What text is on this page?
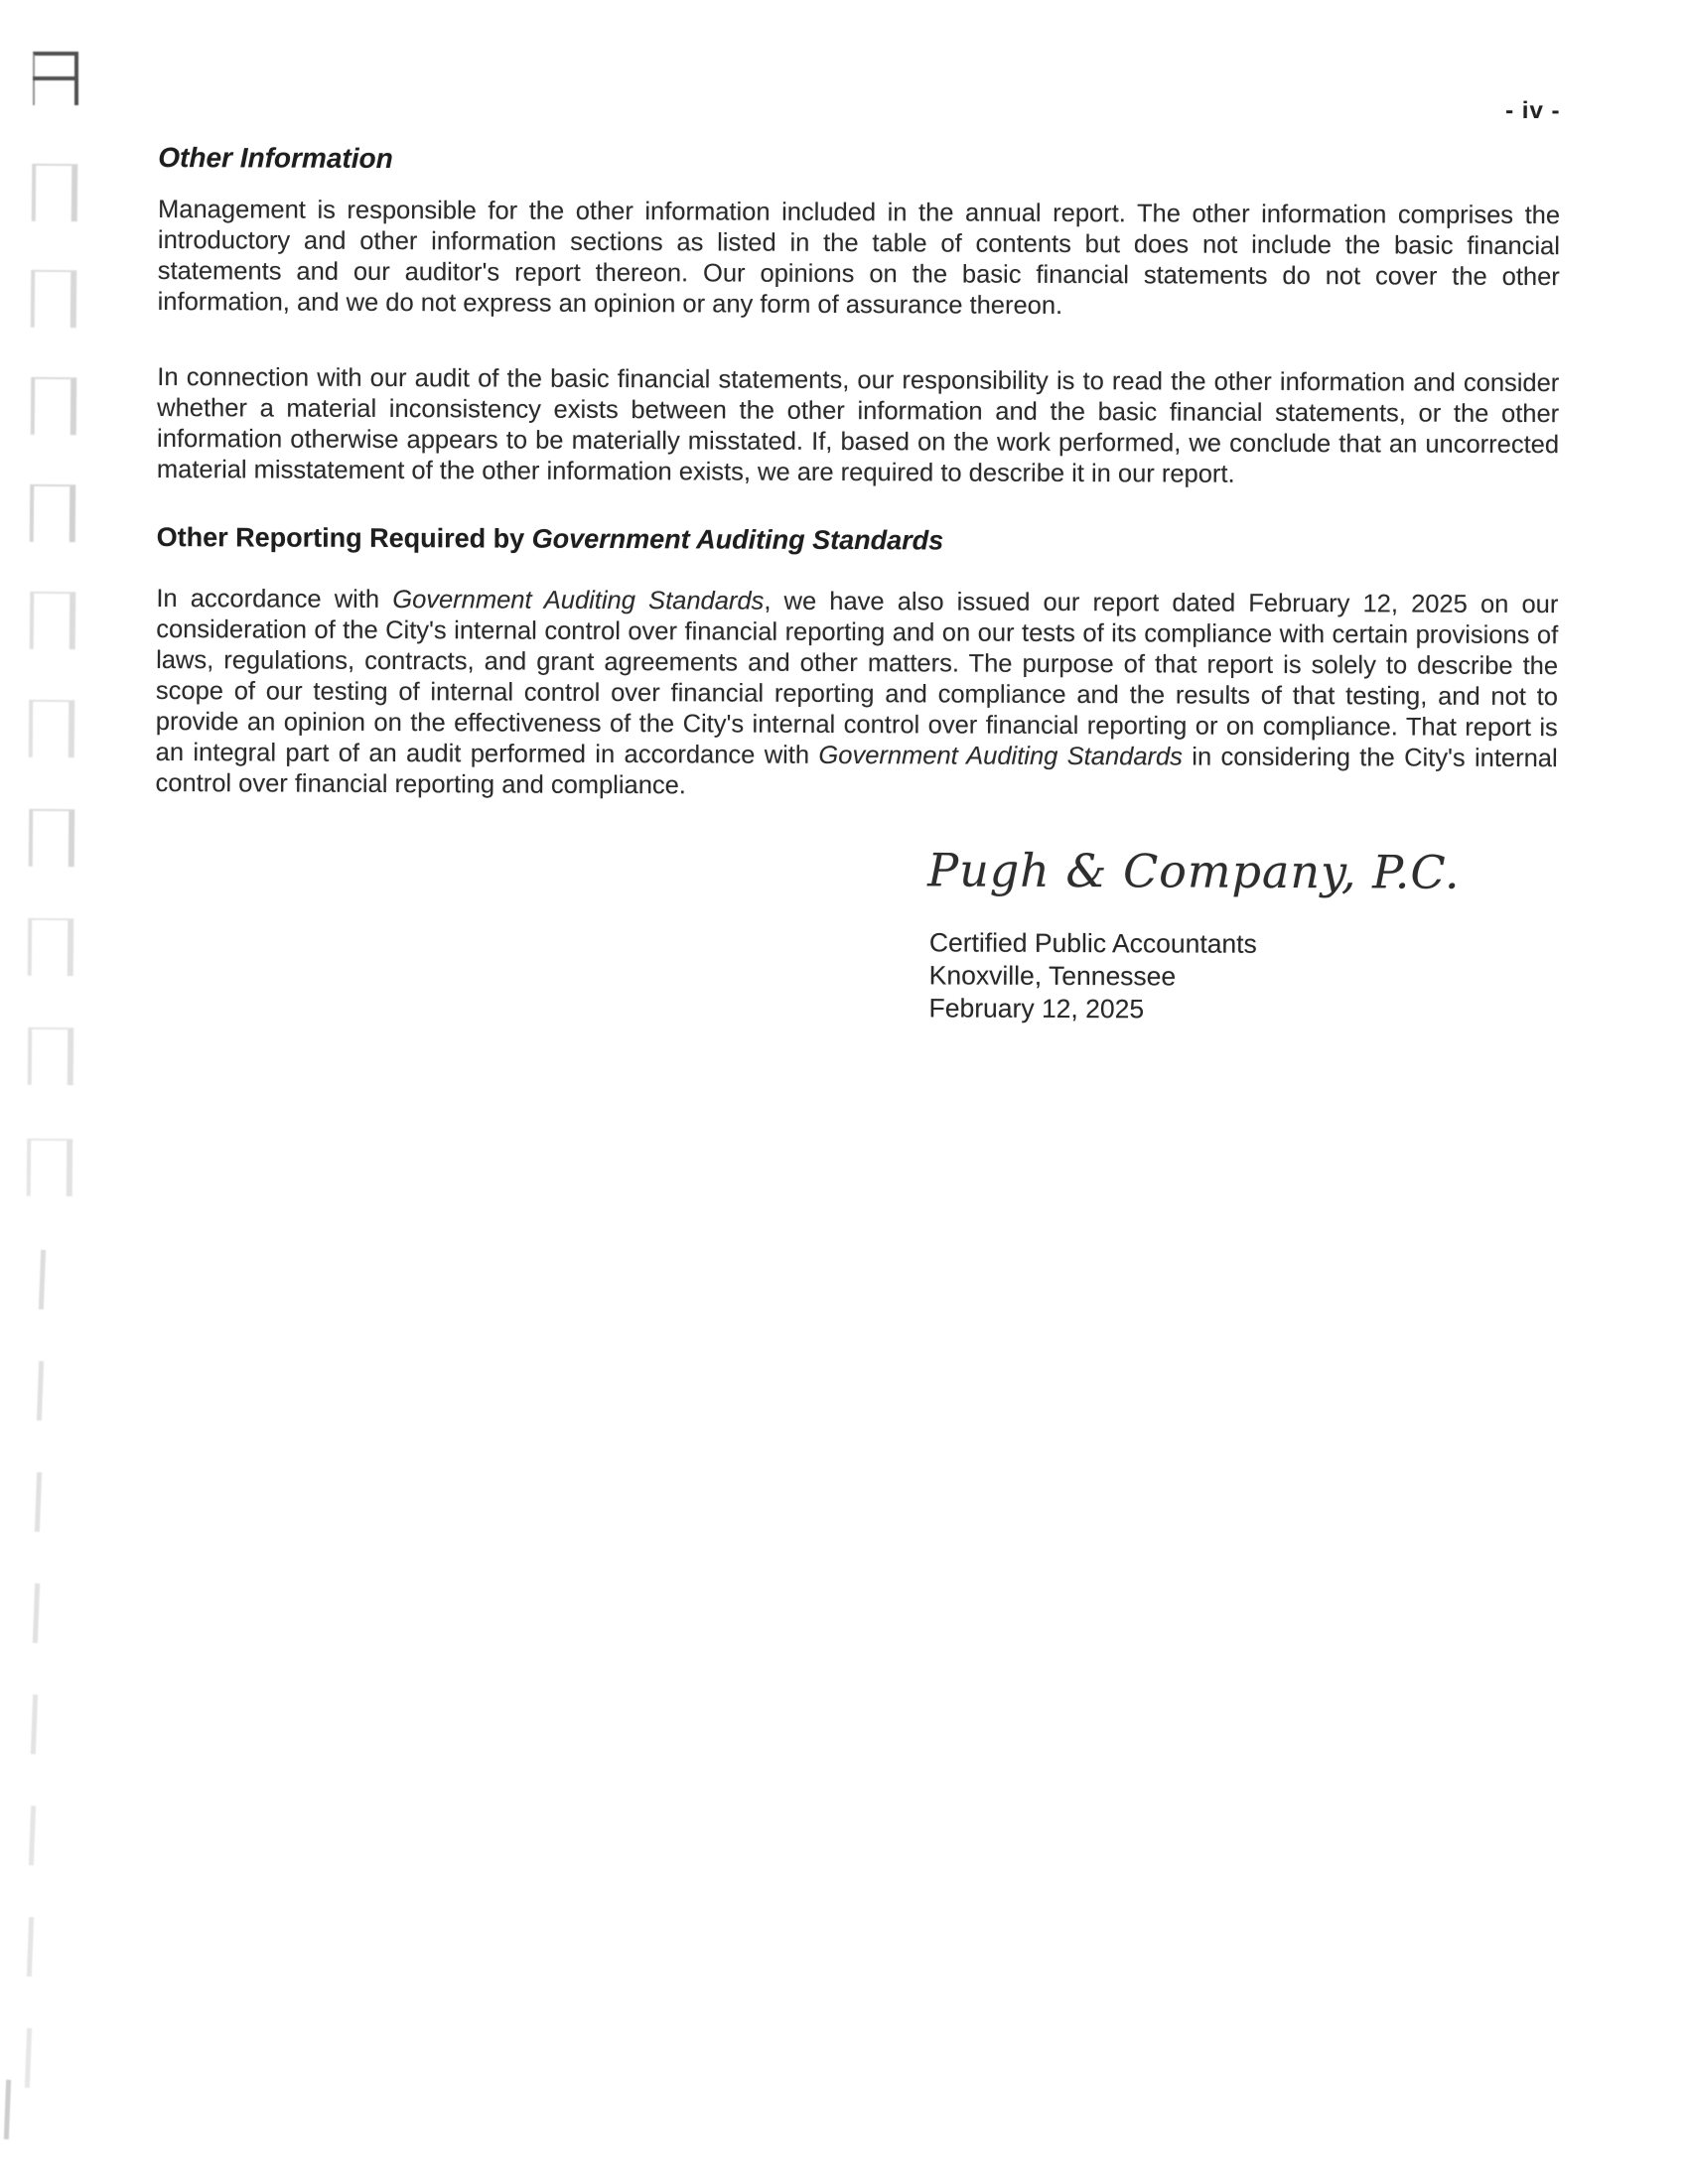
- iv -
Other Information
Management is responsible for the other information included in the annual report. The other information comprises the introductory and other information sections as listed in the table of contents but does not include the basic financial statements and our auditor's report thereon. Our opinions on the basic financial statements do not cover the other information, and we do not express an opinion or any form of assurance thereon.
In connection with our audit of the basic financial statements, our responsibility is to read the other information and consider whether a material inconsistency exists between the other information and the basic financial statements, or the other information otherwise appears to be materially misstated. If, based on the work performed, we conclude that an uncorrected material misstatement of the other information exists, we are required to describe it in our report.
Other Reporting Required by Government Auditing Standards
In accordance with Government Auditing Standards, we have also issued our report dated February 12, 2025 on our consideration of the City's internal control over financial reporting and on our tests of its compliance with certain provisions of laws, regulations, contracts, and grant agreements and other matters. The purpose of that report is solely to describe the scope of our testing of internal control over financial reporting and compliance and the results of that testing, and not to provide an opinion on the effectiveness of the City's internal control over financial reporting or on compliance. That report is an integral part of an audit performed in accordance with Government Auditing Standards in considering the City's internal control over financial reporting and compliance.
Pugh & Company, P.C.
Certified Public Accountants
Knoxville, Tennessee
February 12, 2025
